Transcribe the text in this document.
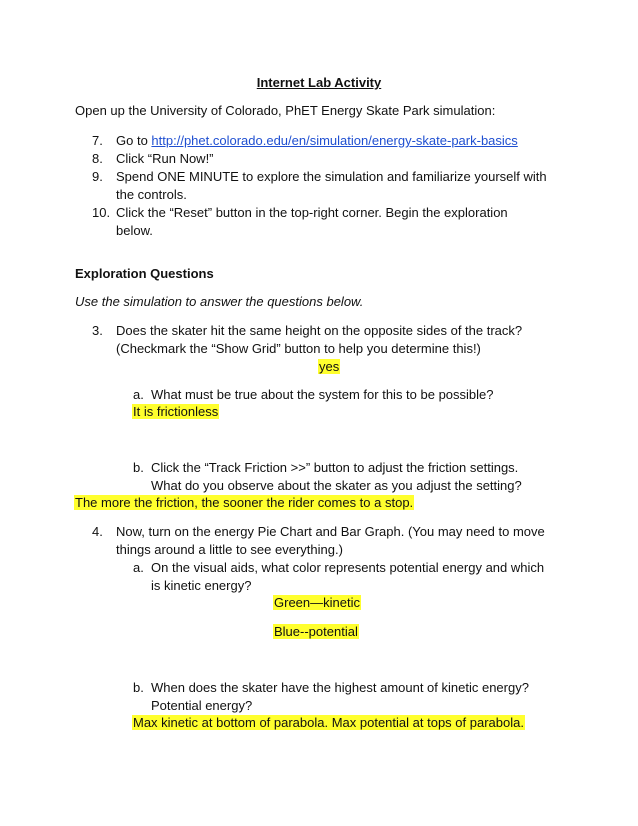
Internet Lab Activity
Open up the University of Colorado, PhET Energy Skate Park simulation:
7. Go to http://phet.colorado.edu/en/simulation/energy-skate-park-basics
8. Click “Run Now!”
9. Spend ONE MINUTE to explore the simulation and familiarize yourself with
the controls.
10. Click the “Reset” button in the top-right corner. Begin the exploration
below.
Exploration Questions
Use the simulation to answer the questions below.
3. Does the skater hit the same height on the opposite sides of the track?
(Checkmark the “Show Grid” button to help you determine this!)
yes
a. What must be true about the system for this to be possible?
It is frictionless
b. Click the “Track Friction >>” button to adjust the friction settings.
What do you observe about the skater as you adjust the setting?
The more the friction, the sooner the rider comes to a stop.
4. Now, turn on the energy Pie Chart and Bar Graph. (You may need to move
things around a little to see everything.)
a. On the visual aids, what color represents potential energy and which
is kinetic energy?
Green—kinetic
Blue--potential
b. When does the skater have the highest amount of kinetic energy?
Potential energy?
Max kinetic at bottom of parabola. Max potential at tops of parabola.
